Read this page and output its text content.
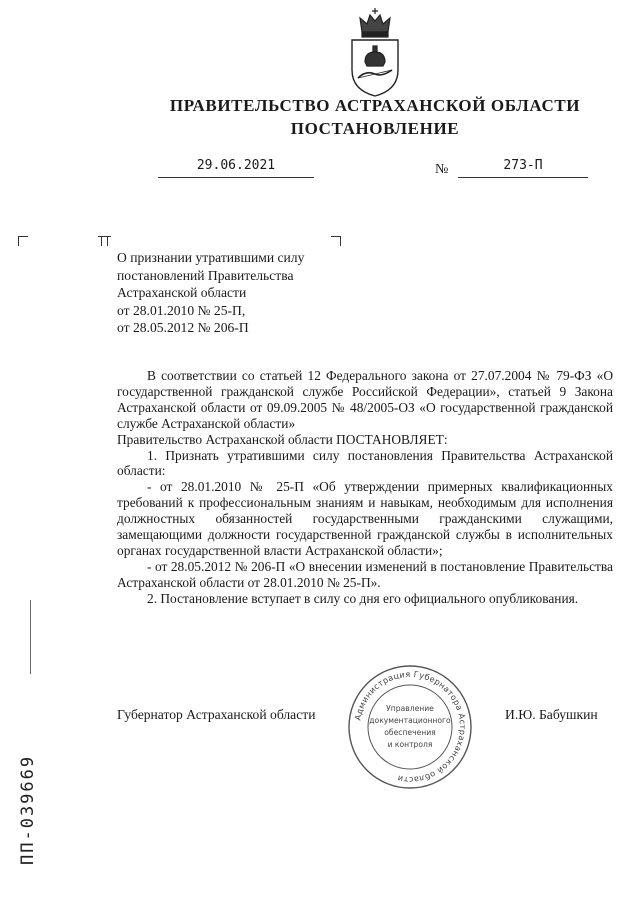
ПРАВИТЕЛЬСТВО АСТРАХАНСКОЙ ОБЛАСТИ
ПОСТАНОВЛЕНИЕ
29.06.2021	№	273-П
О признании утратившими силу
постановлений Правительства
Астраханской области
от 28.01.2010 № 25-П,
от 28.05.2012 № 206-П

В соответствии со статьей 12 Федерального закона от 27.07.2004 № 79-ФЗ «О государственной гражданской службе Российской Федерации», статьей 9 Закона Астраханской области от 09.09.2005 № 48/2005-ОЗ «О государственной гражданской службе Астраханской области»

Правительство Астраханской области ПОСТАНОВЛЯЕТ:

1. Признать утратившими силу постановления Правительства Астраханской области:

- от 28.01.2010 № 25-П «Об утверждении примерных квалификационных требований к профессиональным знаниям и навыкам, необходимым для исполнения должностных обязанностей государственными гражданскими служащими, замещающими должности государственной гражданской службы в исполнительных органах государственной власти Астраханской области»;

- от 28.05.2012 № 206-П «О внесении изменений в постановление Правительства Астраханской области от 28.01.2010 № 25-П».

2. Постановление вступает в силу со дня его официального опубликования.

Губернатор Астраханской области	И.Ю. Бабушкин
Администрация Губернатора Астраханской области
Управление
документационного
обеспечения
и контроля
ПП-039669
